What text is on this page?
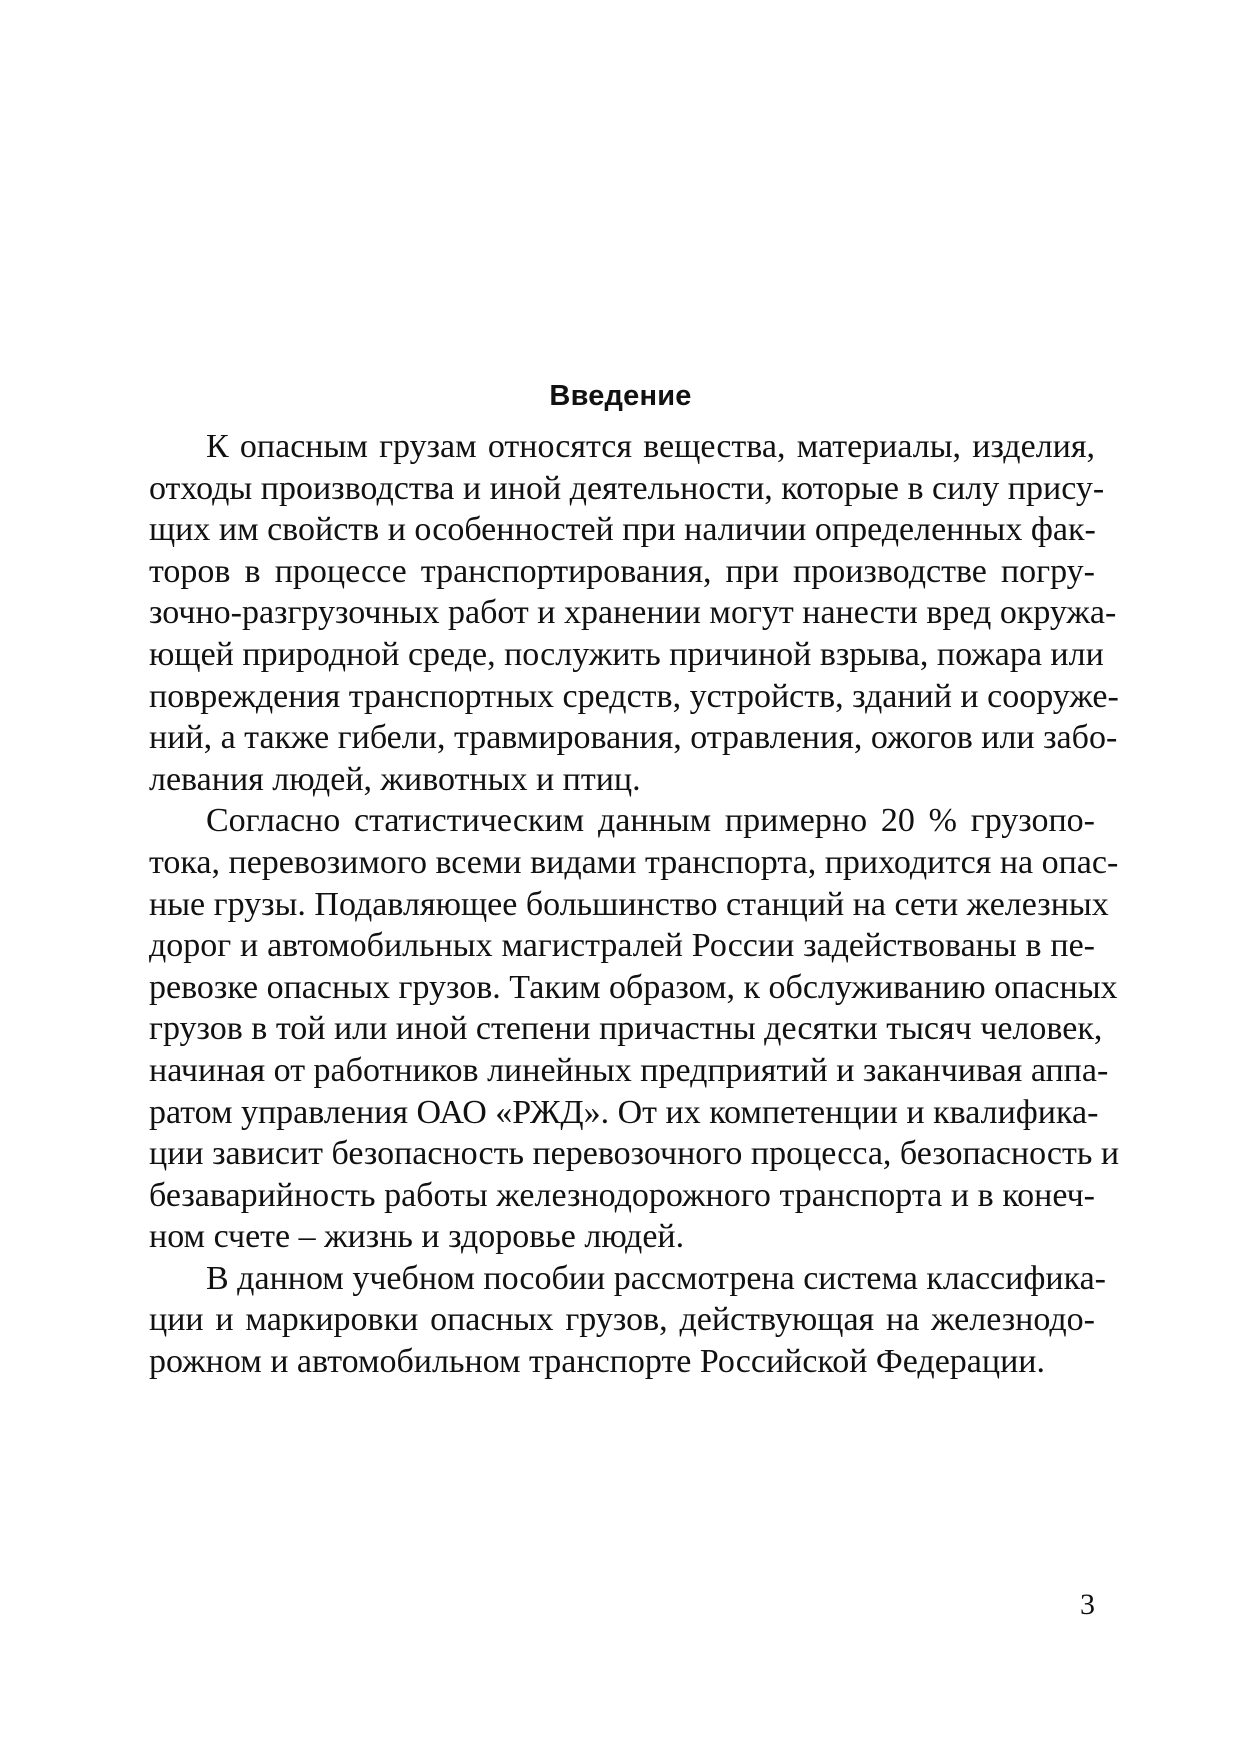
Введение
К опасным грузам относятся вещества, материалы, изделия,
отходы производства и иной деятельности, которые в силу прису-
щих им свойств и особенностей при наличии определенных фак-
торов в процессе транспортирования, при производстве погру-
зочно-разгрузочных работ и хранении могут нанести вред окружа-
ющей природной среде, послужить причиной взрыва, пожара или
повреждения транспортных средств, устройств, зданий и сооруже-
ний, а также гибели, травмирования, отравления, ожогов или забо-
левания людей, животных и птиц.
Согласно статистическим данным примерно 20 % грузопо-
тока, перевозимого всеми видами транспорта, приходится на опас-
ные грузы. Подавляющее большинство станций на сети железных
дорог и автомобильных магистралей России задействованы в пе-
ревозке опасных грузов. Таким образом, к обслуживанию опасных
грузов в той или иной степени причастны десятки тысяч человек,
начиная от работников линейных предприятий и заканчивая аппа-
ратом управления ОАО «РЖД». От их компетенции и квалифика-
ции зависит безопасность перевозочного процесса, безопасность и
безаварийность работы железнодорожного транспорта и в конеч-
ном счете – жизнь и здоровье людей.
В данном учебном пособии рассмотрена система классифика-
ции и маркировки опасных грузов, действующая на железнодо-
рожном и автомобильном транспорте Российской Федерации.
3
